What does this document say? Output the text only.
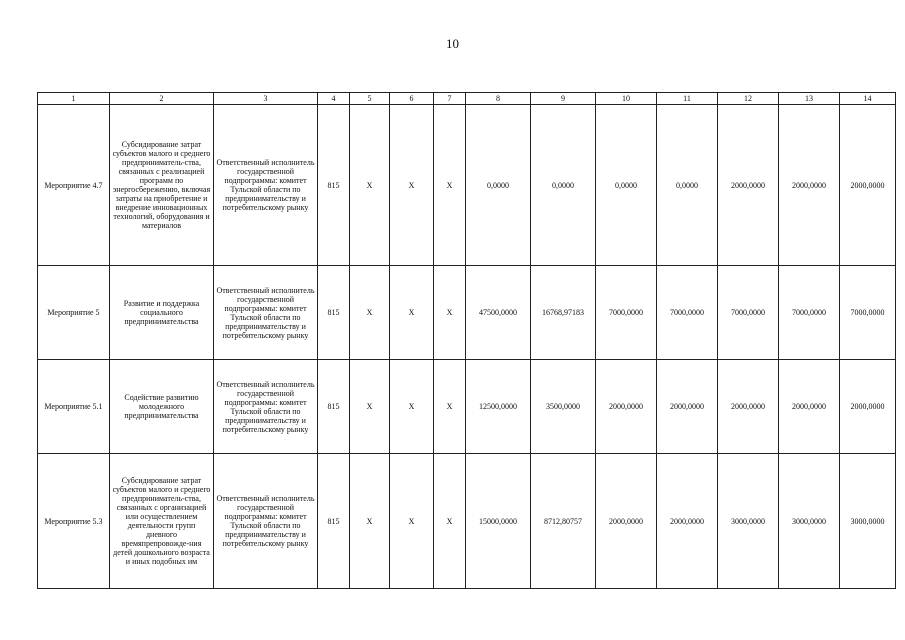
10
1	2	3	4	5	6	7	8	9	10	11	12	13	14
Мероприятие 4.7	Субсидирование затрат субъектов малого и среднего предприниматель-ства, связанных с реализацией программ по энергосбережению, включая затраты на приобретение и внедрение инновационных технологий, оборудования и материалов	Ответственный исполнитель государственной подпрограммы: комитет Тульской области по предпринимательству и потребительскому рынку	815	X	X	X	0,0000	0,0000	0,0000	0,0000	2000,0000	2000,0000	2000,0000
Мероприятие 5	Развитие и поддержка социального предпринимательства	Ответственный исполнитель государственной подпрограммы: комитет Тульской области по предпринимательству и потребительскому рынку	815	X	X	X	47500,0000	16768,97183	7000,0000	7000,0000	7000,0000	7000,0000	7000,0000
Мероприятие 5.1	Содействие развитию молодежного предпринимательства	Ответственный исполнитель государственной подпрограммы: комитет Тульской области по предпринимательству и потребительскому рынку	815	X	X	X	12500,0000	3500,0000	2000,0000	2000,0000	2000,0000	2000,0000	2000,0000
Мероприятие 5.3	Субсидирование затрат субъектов малого и среднего предприниматель-ства, связанных с организацией или осуществлением деятельности групп дневного времяпрепровожде-ния детей дошкольного возраста и иных подобных им	Ответственный исполнитель государственной подпрограммы: комитет Тульской области по предпринимательству и потребительскому рынку	815	X	X	X	15000,0000	8712,80757	2000,0000	2000,0000	3000,0000	3000,0000	3000,0000
